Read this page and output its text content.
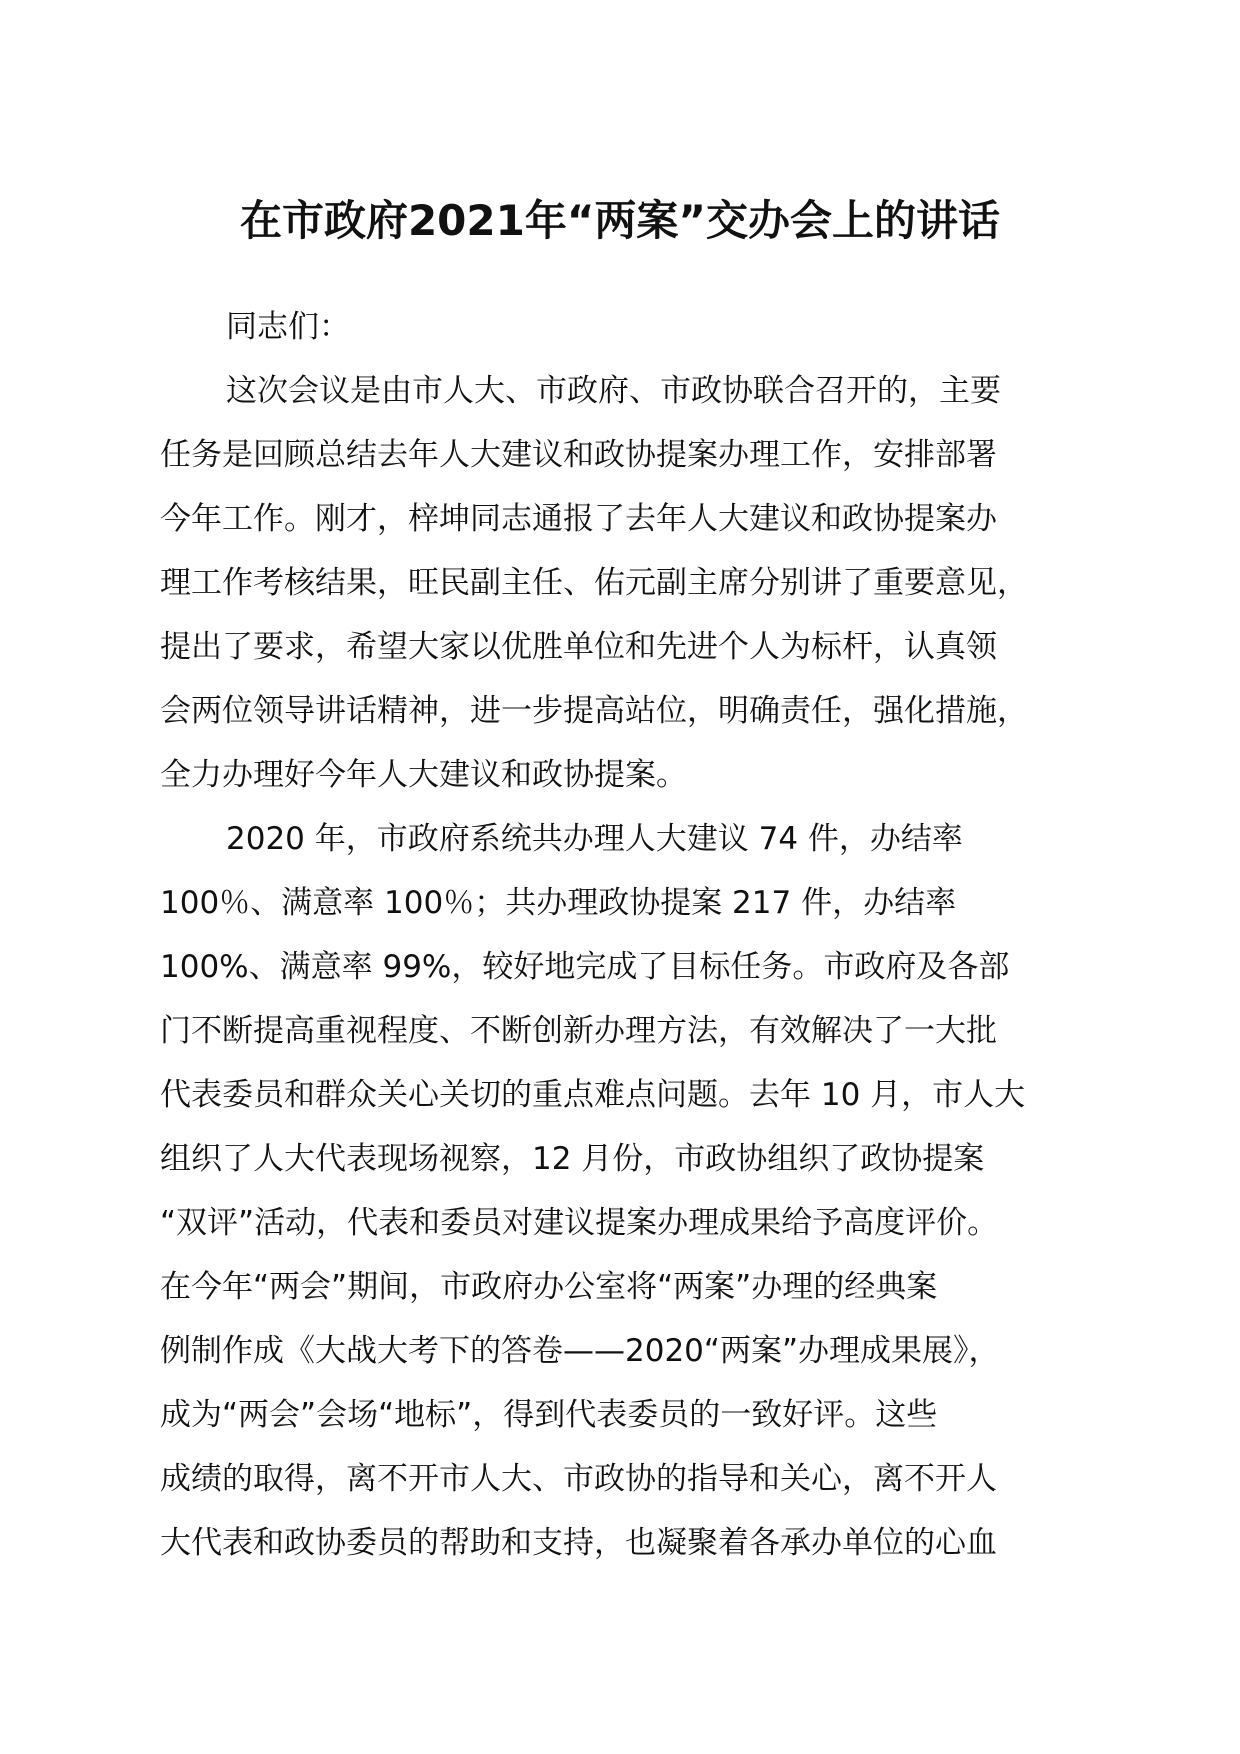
在市政府2021年“两案”交办会上的讲话
同志们：
这次会议是由市人大、市政府、市政协联合召开的，主要
任务是回顾总结去年人大建议和政协提案办理工作，安排部署
今年工作。刚才，梓坤同志通报了去年人大建议和政协提案办
理工作考核结果，旺民副主任、佑元副主席分别讲了重要意见，
提出了要求，希望大家以优胜单位和先进个人为标杆，认真领
会两位领导讲话精神，进一步提高站位，明确责任，强化措施，
全力办理好今年人大建议和政协提案。
2020 年，市政府系统共办理人大建议 74 件，办结率
100％、满意率 100％；共办理政协提案 217 件，办结率
100%、满意率 99%，较好地完成了目标任务。市政府及各部
门不断提高重视程度、不断创新办理方法，有效解决了一大批
代表委员和群众关心关切的重点难点问题。去年 10 月，市人大
组织了人大代表现场视察，12 月份，市政协组织了政协提案
“双评”活动，代表和委员对建议提案办理成果给予高度评价。
在今年“两会”期间，市政府办公室将“两案”办理的经典案
例制作成《大战大考下的答卷——2020“两案”办理成果展》，
成为“两会”会场“地标”，得到代表委员的一致好评。这些
成绩的取得，离不开市人大、市政协的指导和关心，离不开人
大代表和政协委员的帮助和支持，也凝聚着各承办单位的心血
